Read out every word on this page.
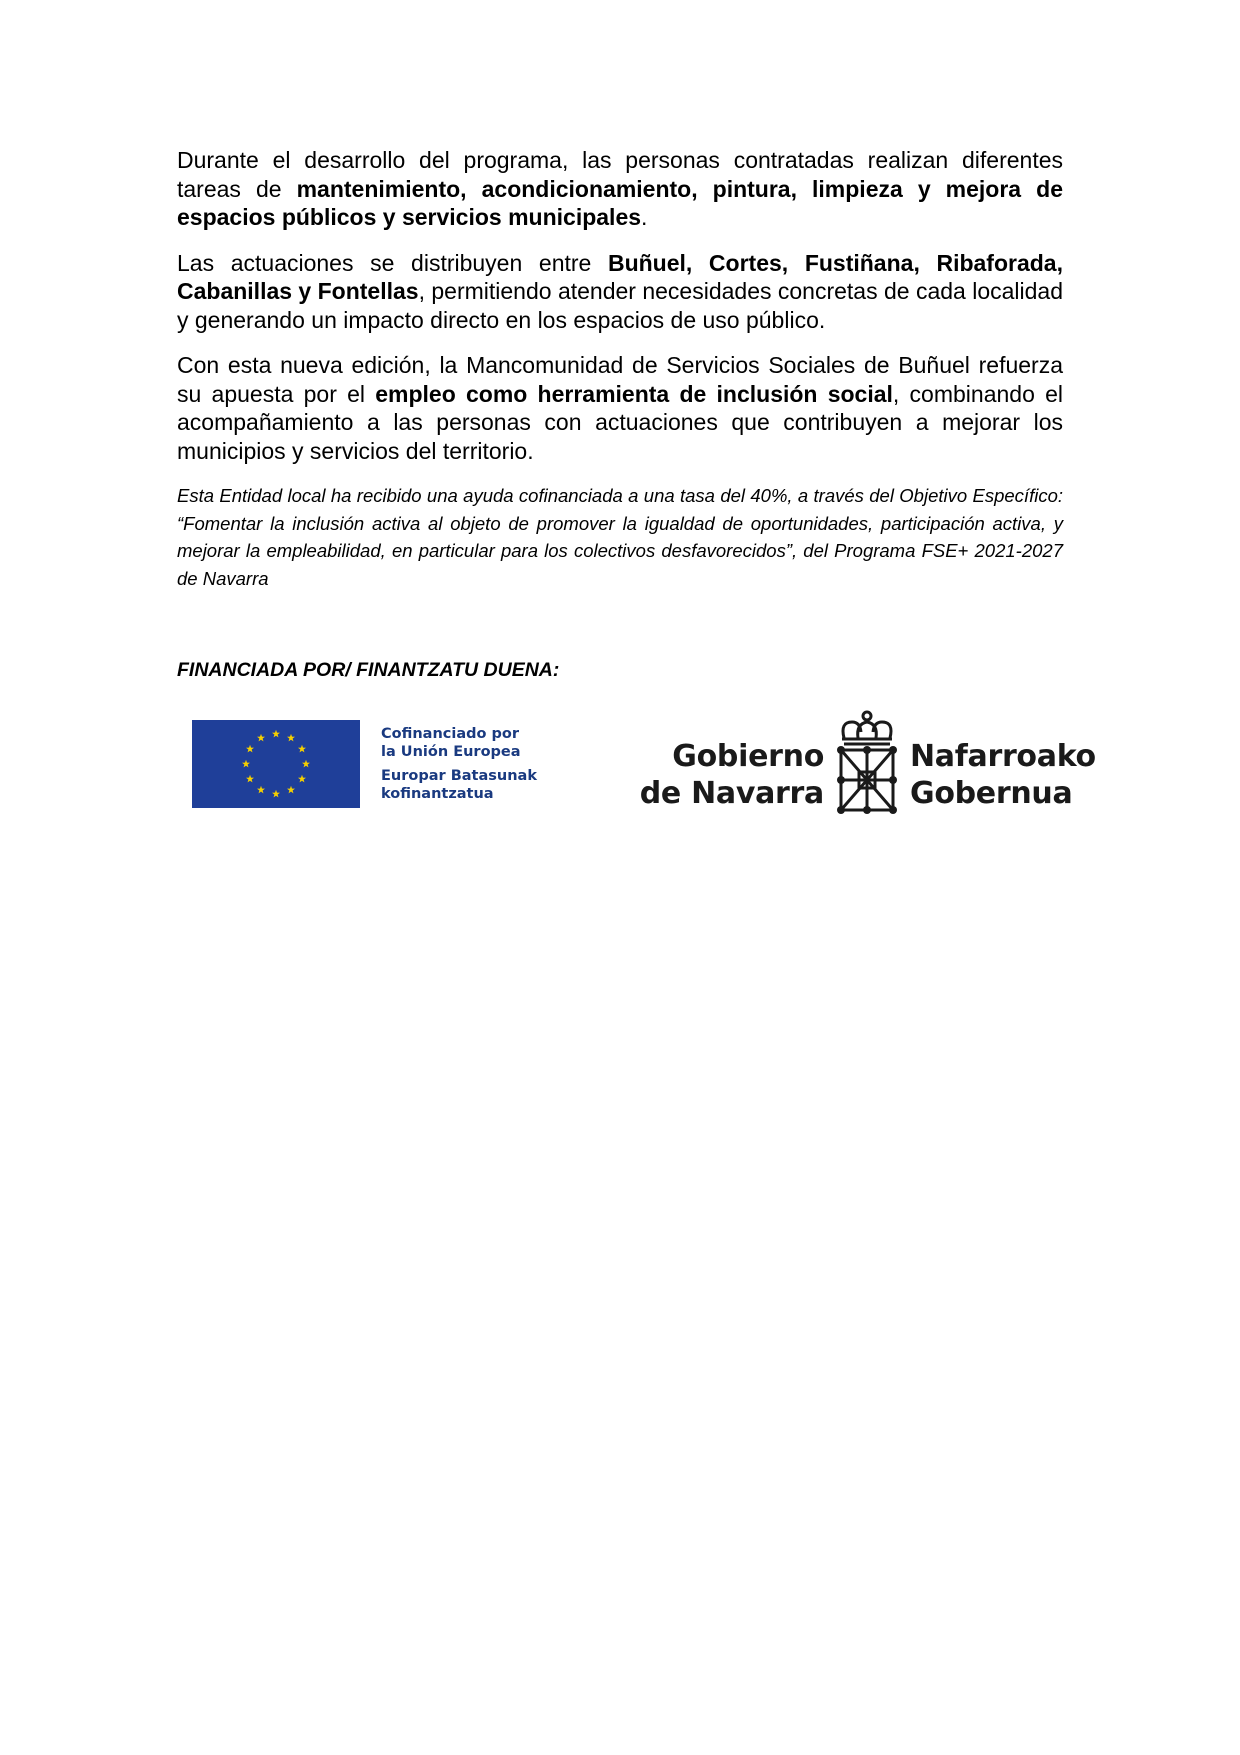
Durante el desarrollo del programa, las personas contratadas realizan diferentes tareas de mantenimiento, acondicionamiento, pintura, limpieza y mejora de espacios públicos y servicios municipales.

Las actuaciones se distribuyen entre Buñuel, Cortes, Fustiñana, Ribaforada, Cabanillas y Fontellas, permitiendo atender necesidades concretas de cada localidad y generando un impacto directo en los espacios de uso público.

Con esta nueva edición, la Mancomunidad de Servicios Sociales de Buñuel refuerza su apuesta por el empleo como herramienta de inclusión social, combinando el acompañamiento a las personas con actuaciones que contribuyen a mejorar los municipios y servicios del territorio.

Esta Entidad local ha recibido una ayuda cofinanciada a una tasa del 40%, a través del Objetivo Específico: “Fomentar la inclusión activa al objeto de promover la igualdad de oportunidades, participación activa, y mejorar la empleabilidad, en particular para los colectivos desfavorecidos”, del Programa FSE+ 2021-2027 de Navarra

FINANCIADA POR/ FINANTZATU DUENA:

Cofinanciado por
la Unión Europea
Europar Batasunak
kofinantzatua
Gobierno
de Navarra
Nafarroako
Gobernua
